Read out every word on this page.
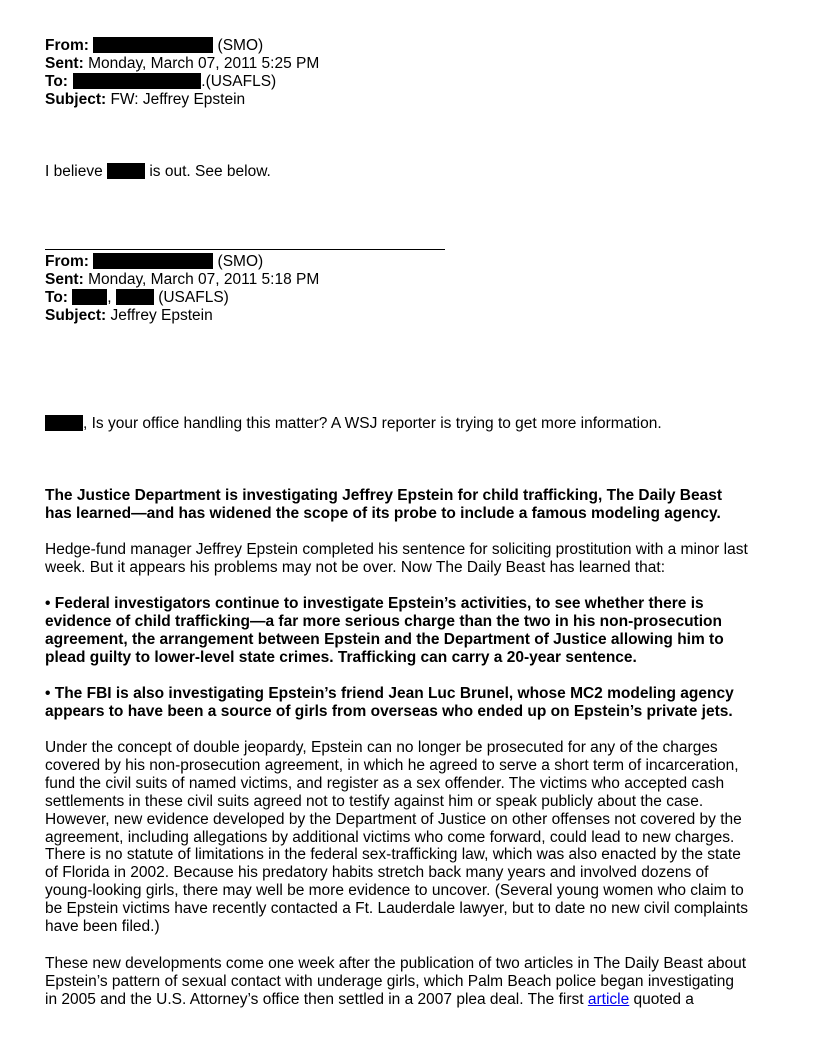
From:	(SMO)
Sent: Monday, March 07, 2011 5:25 PM
To:	.(USAFLS)
Subject: FW: Jeffrey Epstein
I believe	is out. See below.
From:	(SMO)
Sent: Monday, March 07, 2011 5:18 PM
To:	,	(USAFLS)
Subject: Jeffrey Epstein
, Is your office handling this matter? A WSJ reporter is trying to get more information.
The Justice Department is investigating Jeffrey Epstein for child trafficking, The Daily Beast
has learned—and has widened the scope of its probe to include a famous modeling agency.
Hedge-fund manager Jeffrey Epstein completed his sentence for soliciting prostitution with a minor last
week. But it appears his problems may not be over. Now The Daily Beast has learned that:
• Federal investigators continue to investigate Epstein’s activities, to see whether there is
evidence of child trafficking—a far more serious charge than the two in his non-prosecution
agreement, the arrangement between Epstein and the Department of Justice allowing him to
plead guilty to lower-level state crimes. Trafficking can carry a 20-year sentence.
• The FBI is also investigating Epstein’s friend Jean Luc Brunel, whose MC2 modeling agency
appears to have been a source of girls from overseas who ended up on Epstein’s private jets.
Under the concept of double jeopardy, Epstein can no longer be prosecuted for any of the charges
covered by his non-prosecution agreement, in which he agreed to serve a short term of incarceration,
fund the civil suits of named victims, and register as a sex offender. The victims who accepted cash
settlements in these civil suits agreed not to testify against him or speak publicly about the case.
However, new evidence developed by the Department of Justice on other offenses not covered by the
agreement, including allegations by additional victims who come forward, could lead to new charges.
There is no statute of limitations in the federal sex-trafficking law, which was also enacted by the state
of Florida in 2002. Because his predatory habits stretch back many years and involved dozens of
young-looking girls, there may well be more evidence to uncover. (Several young women who claim to
be Epstein victims have recently contacted a Ft. Lauderdale lawyer, but to date no new civil complaints
have been filed.)
These new developments come one week after the publication of two articles in The Daily Beast about
Epstein’s pattern of sexual contact with underage girls, which Palm Beach police began investigating
in 2005 and the U.S. Attorney’s office then settled in a 2007 plea deal. The first article quoted a
